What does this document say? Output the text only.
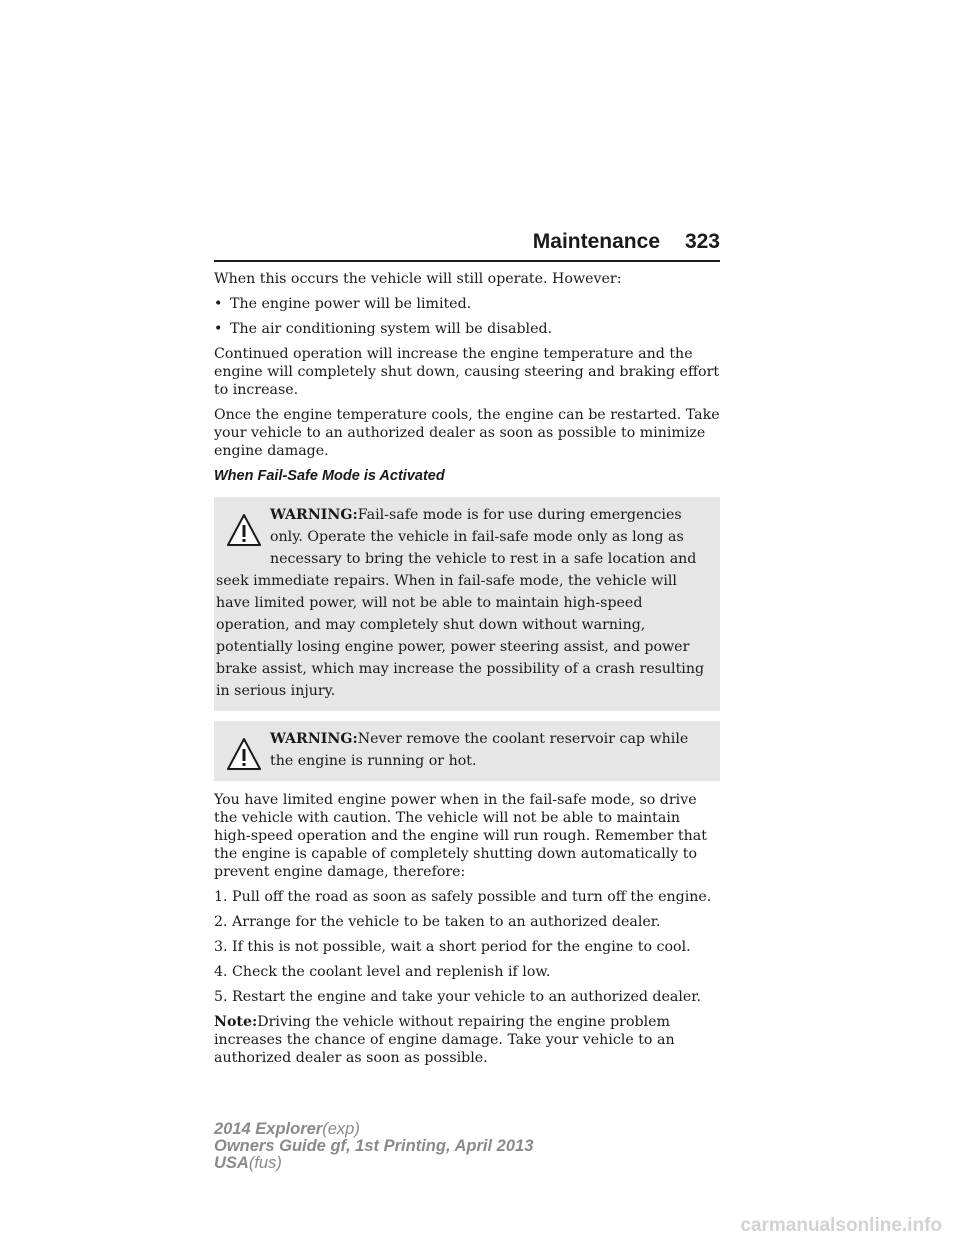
Maintenance 323

When this occurs the vehicle will still operate. However:

• The engine power will be limited.
• The air conditioning system will be disabled.

Continued operation will increase the engine temperature and the engine will completely shut down, causing steering and braking effort to increase.

Once the engine temperature cools, the engine can be restarted. Take your vehicle to an authorized dealer as soon as possible to minimize engine damage.

When Fail-Safe Mode is Activated
WARNING:Fail-safe mode is for use during emergencies only. Operate the vehicle in fail-safe mode only as long as necessary to bring the vehicle to rest in a safe location and seek immediate repairs. When in fail-safe mode, the vehicle will have limited power, will not be able to maintain high-speed operation, and may completely shut down without warning, potentially losing engine power, power steering assist, and power brake assist, which may increase the possibility of a crash resulting in serious injury.
WARNING:Never remove the coolant reservoir cap while the engine is running or hot.

You have limited engine power when in the fail-safe mode, so drive the vehicle with caution. The vehicle will not be able to maintain high-speed operation and the engine will run rough. Remember that the engine is capable of completely shutting down automatically to prevent engine damage, therefore:

1. Pull off the road as soon as safely possible and turn off the engine.

2. Arrange for the vehicle to be taken to an authorized dealer.

3. If this is not possible, wait a short period for the engine to cool.

4. Check the coolant level and replenish if low.

5. Restart the engine and take your vehicle to an authorized dealer.

Note:Driving the vehicle without repairing the engine problem increases the chance of engine damage. Take your vehicle to an authorized dealer as soon as possible.

2014 Explorer(exp)
Owners Guide gf, 1st Printing, April 2013
USA(fus)
carmanualsonline.info
